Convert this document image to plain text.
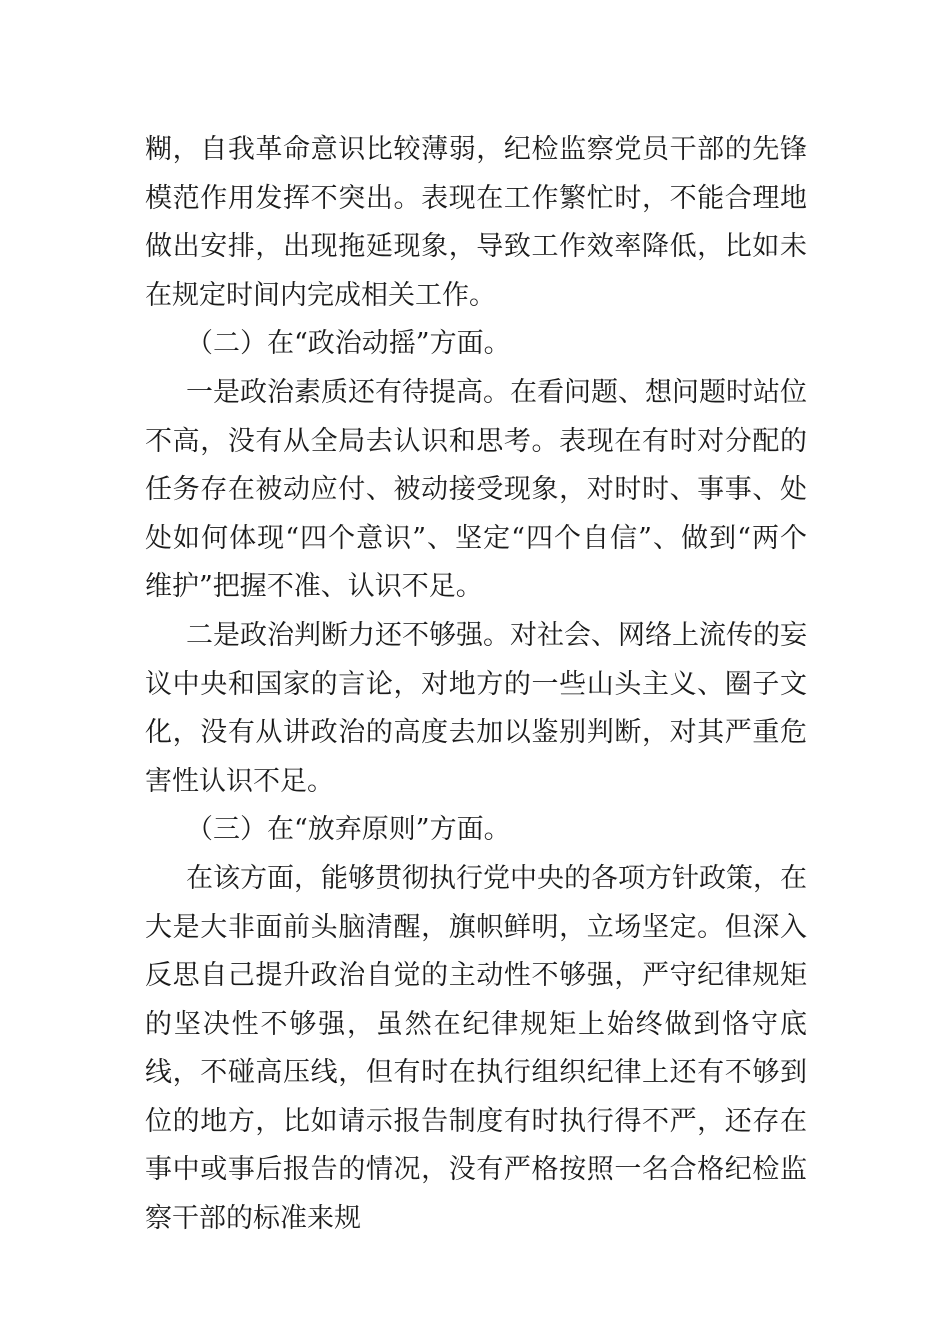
糊，自我革命意识比较薄弱，纪检监察党员干部的先锋模范作用发挥不突出。表现在工作繁忙时，不能合理地做出安排，出现拖延现象，导致工作效率降低，比如未在规定时间内完成相关工作。

（二）在“政治动摇”方面。

一是政治素质还有待提高。在看问题、想问题时站位不高，没有从全局去认识和思考。表现在有时对分配的任务存在被动应付、被动接受现象，对时时、事事、处处如何体现“四个意识”、坚定“四个自信”、做到“两个维护”把握不准、认识不足。

二是政治判断力还不够强。对社会、网络上流传的妄议中央和国家的言论，对地方的一些山头主义、圈子文化，没有从讲政治的高度去加以鉴别判断，对其严重危害性认识不足。

（三）在“放弃原则”方面。

在该方面，能够贯彻执行党中央的各项方针政策，在大是大非面前头脑清醒，旗帜鲜明，立场坚定。但深入反思自己提升政治自觉的主动性不够强，严守纪律规矩的坚决性不够强，虽然在纪律规矩上始终做到恪守底线，不碰高压线，但有时在执行组织纪律上还有不够到位的地方，比如请示报告制度有时执行得不严，还存在事中或事后报告的情况，没有严格按照一名合格纪检监察干部的标准来规
